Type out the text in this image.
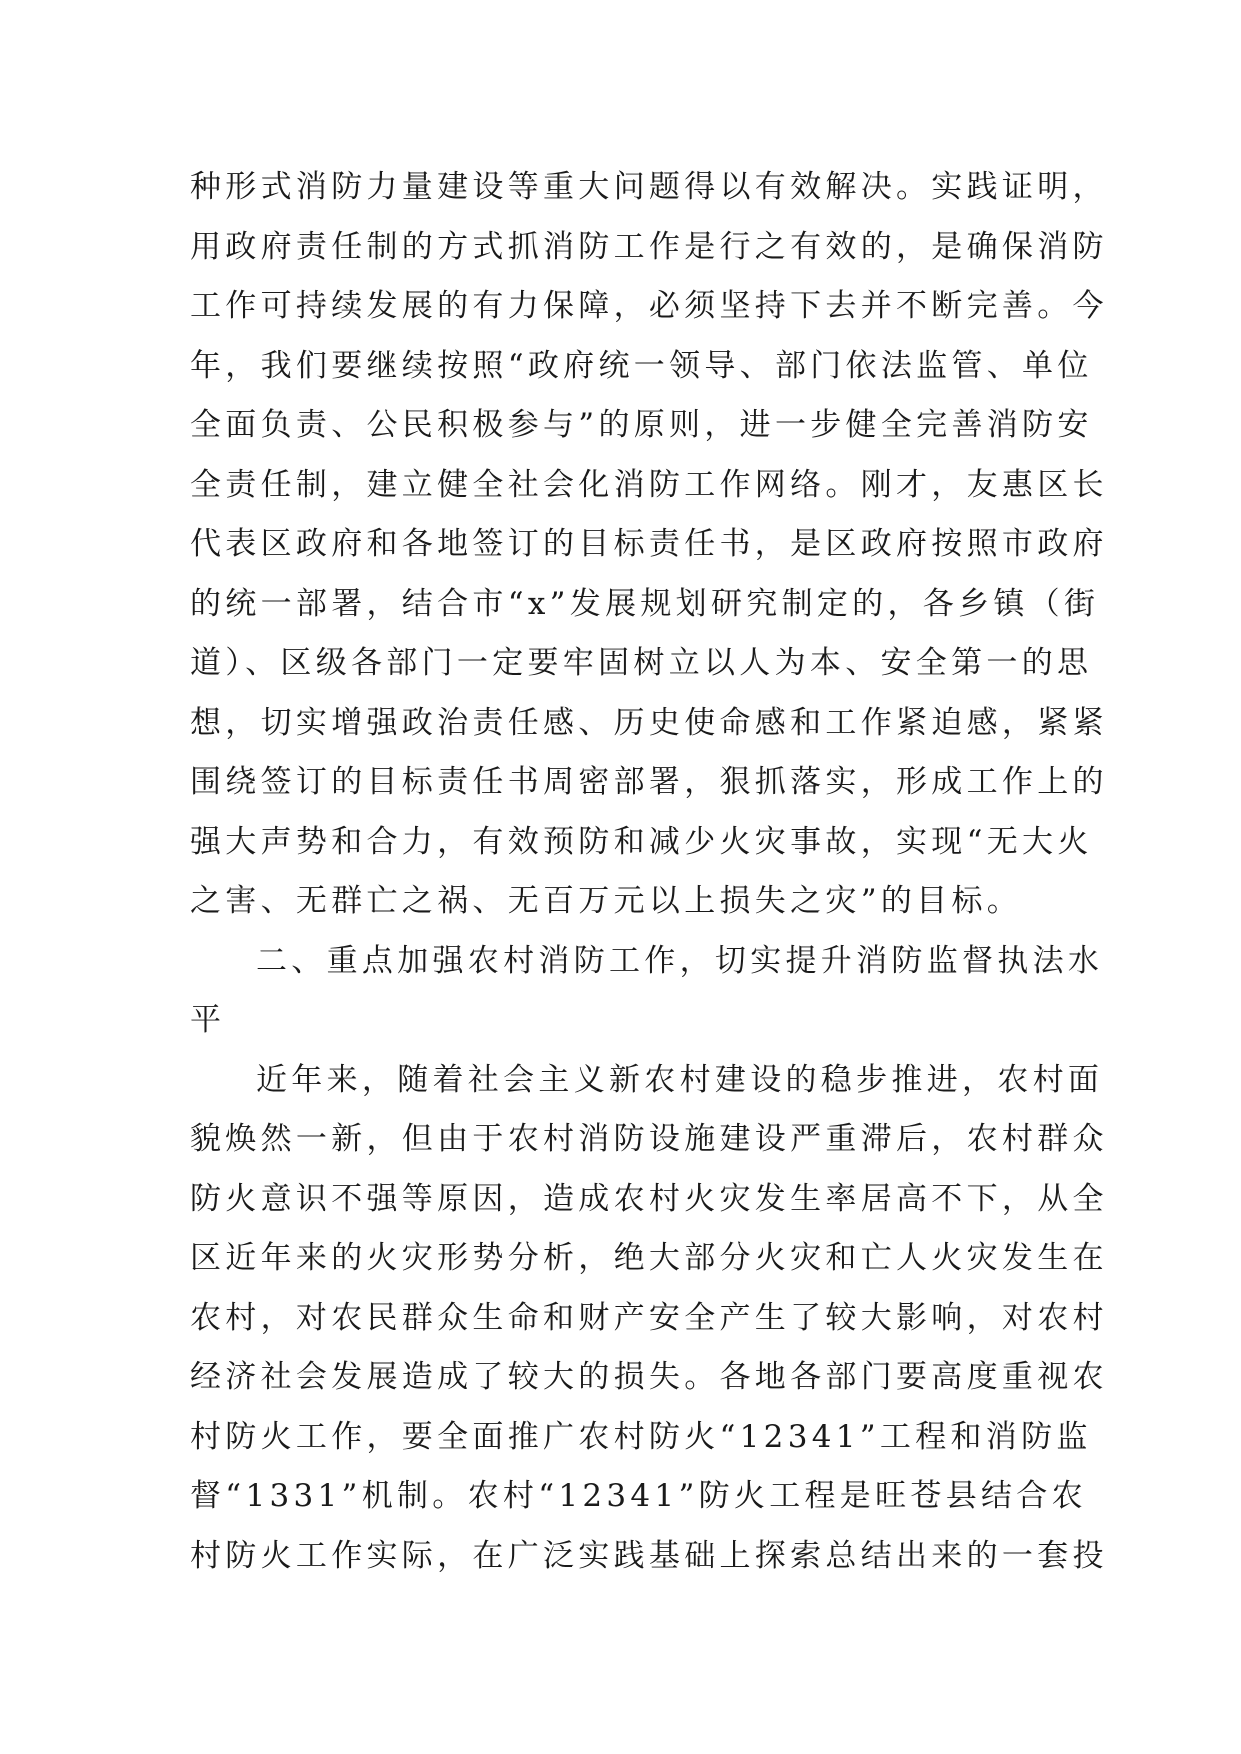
种形式消防力量建设等重大问题得以有效解决。实践证明，
用政府责任制的方式抓消防工作是行之有效的，是确保消防
工作可持续发展的有力保障，必须坚持下去并不断完善。今
年，我们要继续按照“政府统一领导、部门依法监管、单位
全面负责、公民积极参与”的原则，进一步健全完善消防安
全责任制，建立健全社会化消防工作网络。刚才，友惠区长
代表区政府和各地签订的目标责任书，是区政府按照市政府
的统一部署，结合市“x”发展规划研究制定的，各乡镇（街
道）、区级各部门一定要牢固树立以人为本、安全第一的思
想，切实增强政治责任感、历史使命感和工作紧迫感，紧紧
围绕签订的目标责任书周密部署，狠抓落实，形成工作上的
强大声势和合力，有效预防和减少火灾事故，实现“无大火
之害、无群亡之祸、无百万元以上损失之灾”的目标。
二、重点加强农村消防工作，切实提升消防监督执法水
平
近年来，随着社会主义新农村建设的稳步推进，农村面
貌焕然一新，但由于农村消防设施建设严重滞后，农村群众
防火意识不强等原因，造成农村火灾发生率居高不下，从全
区近年来的火灾形势分析，绝大部分火灾和亡人火灾发生在
农村，对农民群众生命和财产安全产生了较大影响，对农村
经济社会发展造成了较大的损失。各地各部门要高度重视农
村防火工作，要全面推广农村防火“12341”工程和消防监
督“1331”机制。农村“12341”防火工程是旺苍县结合农
村防火工作实际，在广泛实践基础上探索总结出来的一套投
